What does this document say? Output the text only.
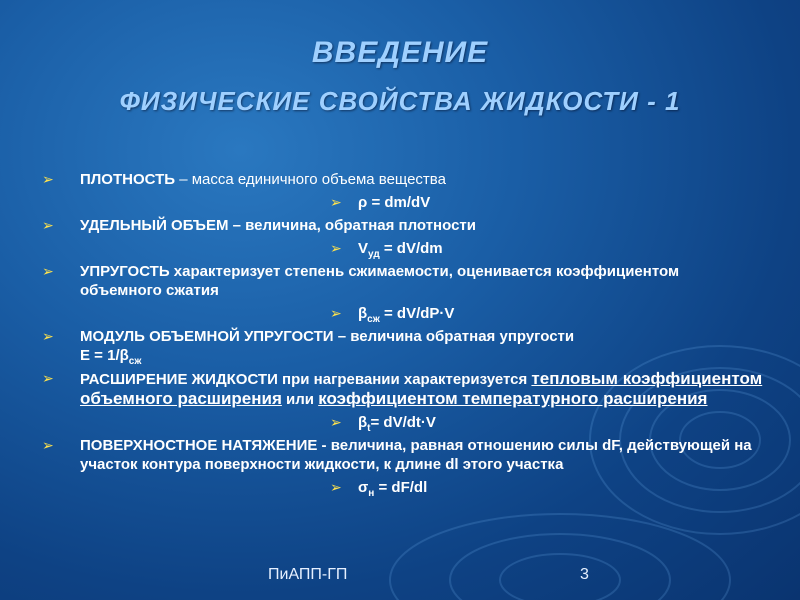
ВВЕДЕНИЕ
ФИЗИЧЕСКИЕ СВОЙСТВА ЖИДКОСТИ - 1
➢ ПЛОТНОСТЬ – масса единичного объема вещества
➢ ρ = dm/dV
➢ УДЕЛЬНЫЙ ОБЪЕМ – величина, обратная плотности
➢ $V_{уд} = dV/dm$
➢ УПРУГОСТЬ характеризует степень сжимаемости, оценивается коэффициентом объемного сжатия
➢ $\beta_{сж} = dV/dP\cdot V$
➢ МОДУЛЬ ОБЪЕМНОЙ УПРУГОСТИ – величина обратная упругости
$E = 1/\beta_{сж}$
➢ РАСШИРЕНИЕ ЖИДКОСТИ при нагревании характеризуется тепловым коэффициентом объемного расширения или коэффициентом температурного расширения
➢ $\beta_t= dV/dt\cdot V$
➢ ПОВЕРХНОСТНОЕ НАТЯЖЕНИЕ - величина, равная отношению силы dF, действующей на участок контура поверхности жидкости, к длине dl этого участка
➢ $\sigma_н = dF/dl$
ПиАПП-ГП	3
